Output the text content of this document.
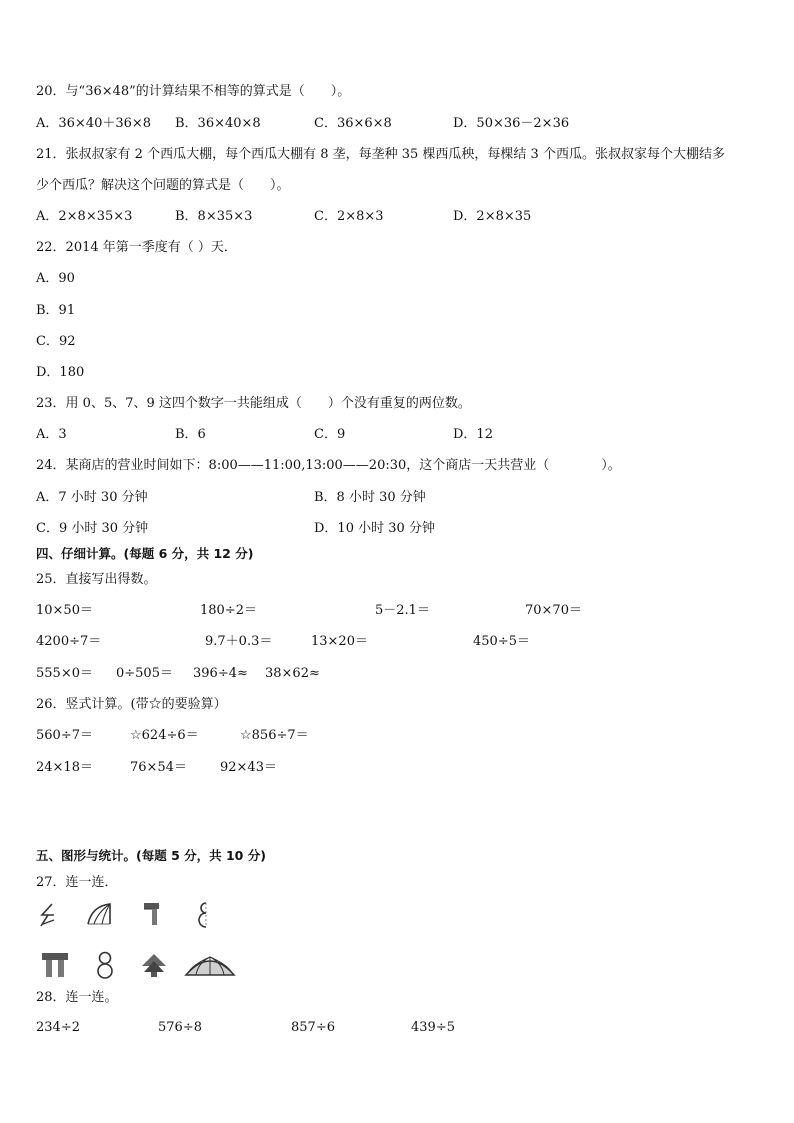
20．与“36×48”的计算结果不相等的算式是（　　）。
A．36×40＋36×8 B．36×40×8	C．36×6×8	D．50×36－2×36
21．张叔叔家有 2 个西瓜大棚，每个西瓜大棚有 8 垄，每垄种 35 棵西瓜秧，每棵结 3 个西瓜。张叔叔家每个大棚结多
少个西瓜？解决这个问题的算式是（　　）。
A．2×8×35×3	B．8×35×3	C．2×8×3	D．2×8×35
22．2014 年第一季度有（ ）天．
A．90
B．91
C．92
D．180
23．用 0、5、7、9 这四个数字一共能组成（　　）个没有重复的两位数。
A．3	B．6	C．9	D．12
24．某商店的营业时间如下：8:00——11:00,13:00——20:30，这个商店一天共营业（　　　　）。
A．7 小时 30 分钟	B．8 小时 30 分钟
C．9 小时 30 分钟	D．10 小时 30 分钟
四、仔细计算。(每题 6 分，共 12 分)
25．直接写出得数。
10×50＝	180÷2＝	5－2.1＝	70×70＝
4200÷7＝	9.7＋0.3＝	13×20＝	450÷5＝
555×0＝ 0÷505＝ 396÷4≈ 38×62≈
26．竖式计算。(带☆的要验算）
560÷7＝	☆624÷6＝	☆856÷7＝
24×18＝	76×54＝	92×43＝
五、图形与统计。(每题 5 分，共 10 分)
27．连一连．
28．连一连。
234÷2	576÷8	857÷6	439÷5
